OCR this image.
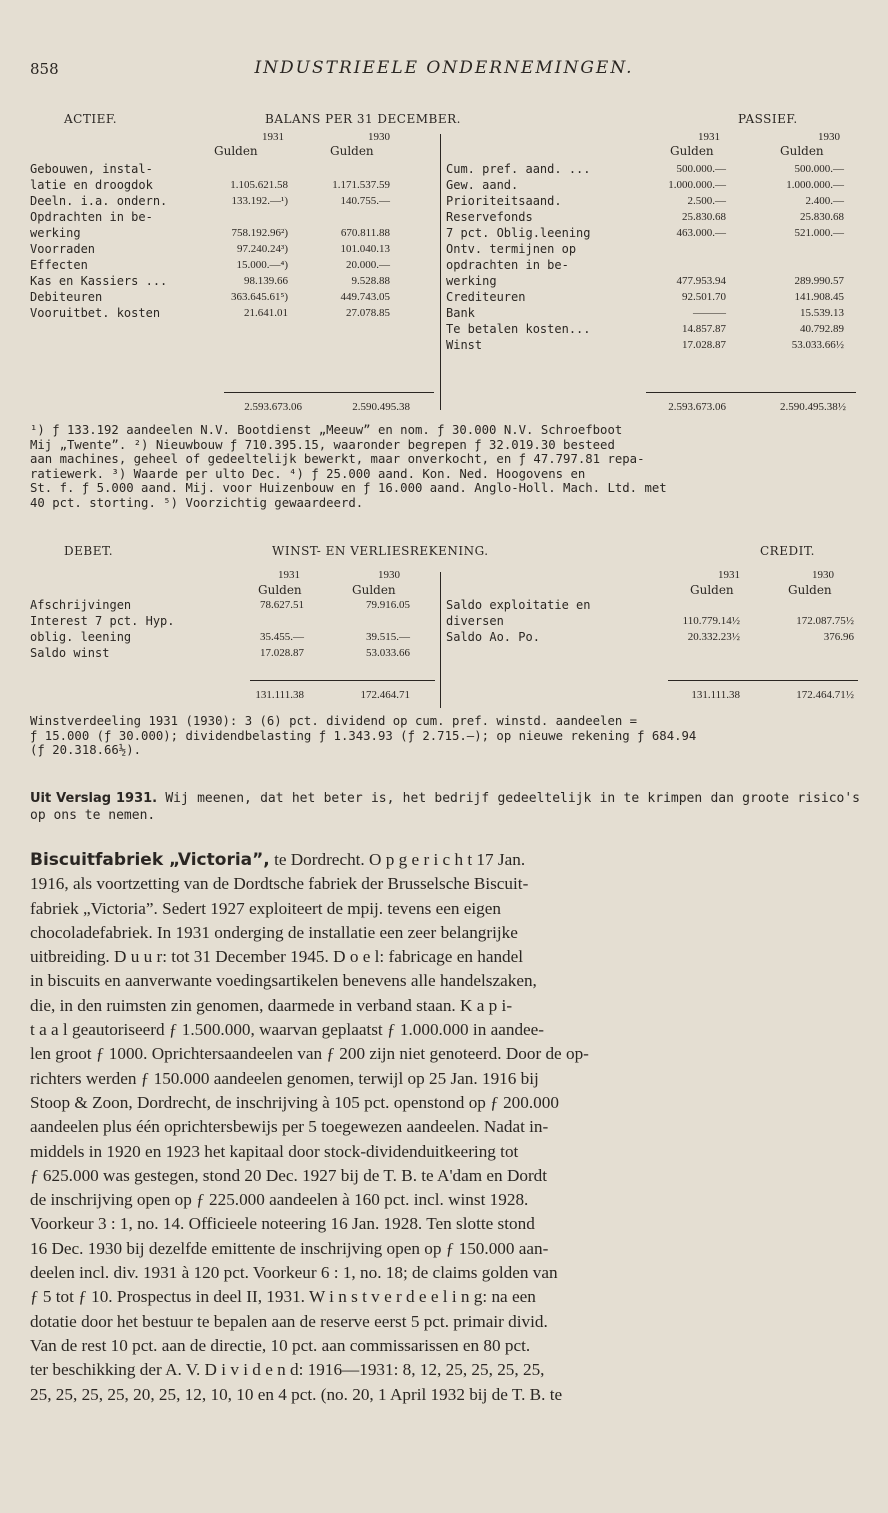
858	INDUSTRIEELE ONDERNEMINGEN.
ACTIEF.	BALANS PER 31 DECEMBER.	PASSIEF.
1931	1930
Gulden	Gulden
1931	1930
Gulden	Gulden
Gebouwen, instal-
latie en droogdok	1.105.621.58	1.171.537.59
Deeln. i.a. ondern.	133.192.—¹)	140.755.—
Opdrachten in be-
werking	758.192.96²)	670.811.88
Voorraden	97.240.24³)	101.040.13
Effecten	15.000.—⁴)	20.000.—
Kas en Kassiers ...	98.139.66	9.528.88
Debiteuren	363.645.61⁵)	449.743.05
Vooruitbet. kosten	21.641.01	27.078.85
Cum. pref. aand. ...	500.000.—	500.000.—
Gew. aand.	1.000.000.—	1.000.000.—
Prioriteitsaand.	2.500.—	2.400.—
Reservefonds	25.830.68	25.830.68
7 pct. Oblig.leening	463.000.—	521.000.—
Ontv. termijnen op
opdrachten in be-
werking	477.953.94	289.990.57
Crediteuren	92.501.70	141.908.45
Bank	———	15.539.13
Te betalen kosten...	14.857.87	40.792.89
Winst	17.028.87	53.033.66½
2.593.673.06	2.590.495.38	2.593.673.06	2.590.495.38½
¹) ƒ 133.192 aandeelen N.V. Bootdienst „Meeuw” en nom. ƒ 30.000 N.V. Schroefboot
Mij „Twente”. ²) Nieuwbouw ƒ 710.395.15, waaronder begrepen ƒ 32.019.30 besteed
aan machines, geheel of gedeeltelijk bewerkt, maar onverkocht, en ƒ 47.797.81 repa-
ratiewerk. ³) Waarde per ulto Dec. ⁴) ƒ 25.000 aand. Kon. Ned. Hoogovens en
St. f. ƒ 5.000 aand. Mij. voor Huizenbouw en ƒ 16.000 aand. Anglo-Holl. Mach. Ltd. met
40 pct. storting. ⁵) Voorzichtig gewaardeerd.
DEBET.	WINST- EN VERLIESREKENING.	CREDIT.
1931	1930
Gulden	Gulden
1931	1930
Gulden	Gulden
Afschrijvingen	78.627.51	79.916.05
Interest 7 pct. Hyp.
oblig. leening	35.455.—	39.515.—
Saldo winst	17.028.87	53.033.66
Saldo exploitatie en
diversen	110.779.14½	172.087.75½
Saldo Ao. Po.	20.332.23½	376.96
131.111.38	172.464.71	131.111.38	172.464.71½
Winstverdeeling 1931 (1930): 3 (6) pct. dividend op cum. pref. winstd. aandeelen =
ƒ 15.000 (ƒ 30.000); dividendbelasting ƒ 1.343.93 (ƒ 2.715.—); op nieuwe rekening ƒ 684.94
(ƒ 20.318.66½).
Uit Verslag 1931. Wij meenen, dat het beter is, het bedrijf gedeeltelijk in te krimpen dan groote risico's op ons te nemen.
Biscuitfabriek „Victoria”, te Dordrecht. O p g e r i c h t 17 Jan.
1916, als voortzetting van de Dordtsche fabriek der Brusselsche Biscuit-
fabriek „Victoria”. Sedert 1927 exploiteert de mpij. tevens een eigen
chocoladefabriek. In 1931 onderging de installatie een zeer belangrijke
uitbreiding. D u u r: tot 31 December 1945. D o e l: fabricage en handel
in biscuits en aanverwante voedingsartikelen benevens alle handelszaken,
die, in den ruimsten zin genomen, daarmede in verband staan. K a p i-
t a a l geautoriseerd ƒ 1.500.000, waarvan geplaatst ƒ 1.000.000 in aandee-
len groot ƒ 1000. Oprichtersaandeelen van ƒ 200 zijn niet genoteerd. Door de op-
richters werden ƒ 150.000 aandeelen genomen, terwijl op 25 Jan. 1916 bij
Stoop & Zoon, Dordrecht, de inschrijving à 105 pct. openstond op ƒ 200.000
aandeelen plus één oprichtersbewijs per 5 toegewezen aandeelen. Nadat in-
middels in 1920 en 1923 het kapitaal door stock-dividenduitkeering tot
ƒ 625.000 was gestegen, stond 20 Dec. 1927 bij de T. B. te A'dam en Dordt
de inschrijving open op ƒ 225.000 aandeelen à 160 pct. incl. winst 1928.
Voorkeur 3 : 1, no. 14. Officieele noteering 16 Jan. 1928. Ten slotte stond
16 Dec. 1930 bij dezelfde emittente de inschrijving open op ƒ 150.000 aan-
deelen incl. div. 1931 à 120 pct. Voorkeur 6 : 1, no. 18; de claims golden van
ƒ 5 tot ƒ 10. Prospectus in deel II, 1931. W i n s t v e r d e e l i n g: na een
dotatie door het bestuur te bepalen aan de reserve eerst 5 pct. primair divid.
Van de rest 10 pct. aan de directie, 10 pct. aan commissarissen en 80 pct.
ter beschikking der A. V. D i v i d e n d: 1916—1931: 8, 12, 25, 25, 25, 25,
25, 25, 25, 25, 20, 25, 12, 10, 10 en 4 pct. (no. 20, 1 April 1932 bij de T. B. te
